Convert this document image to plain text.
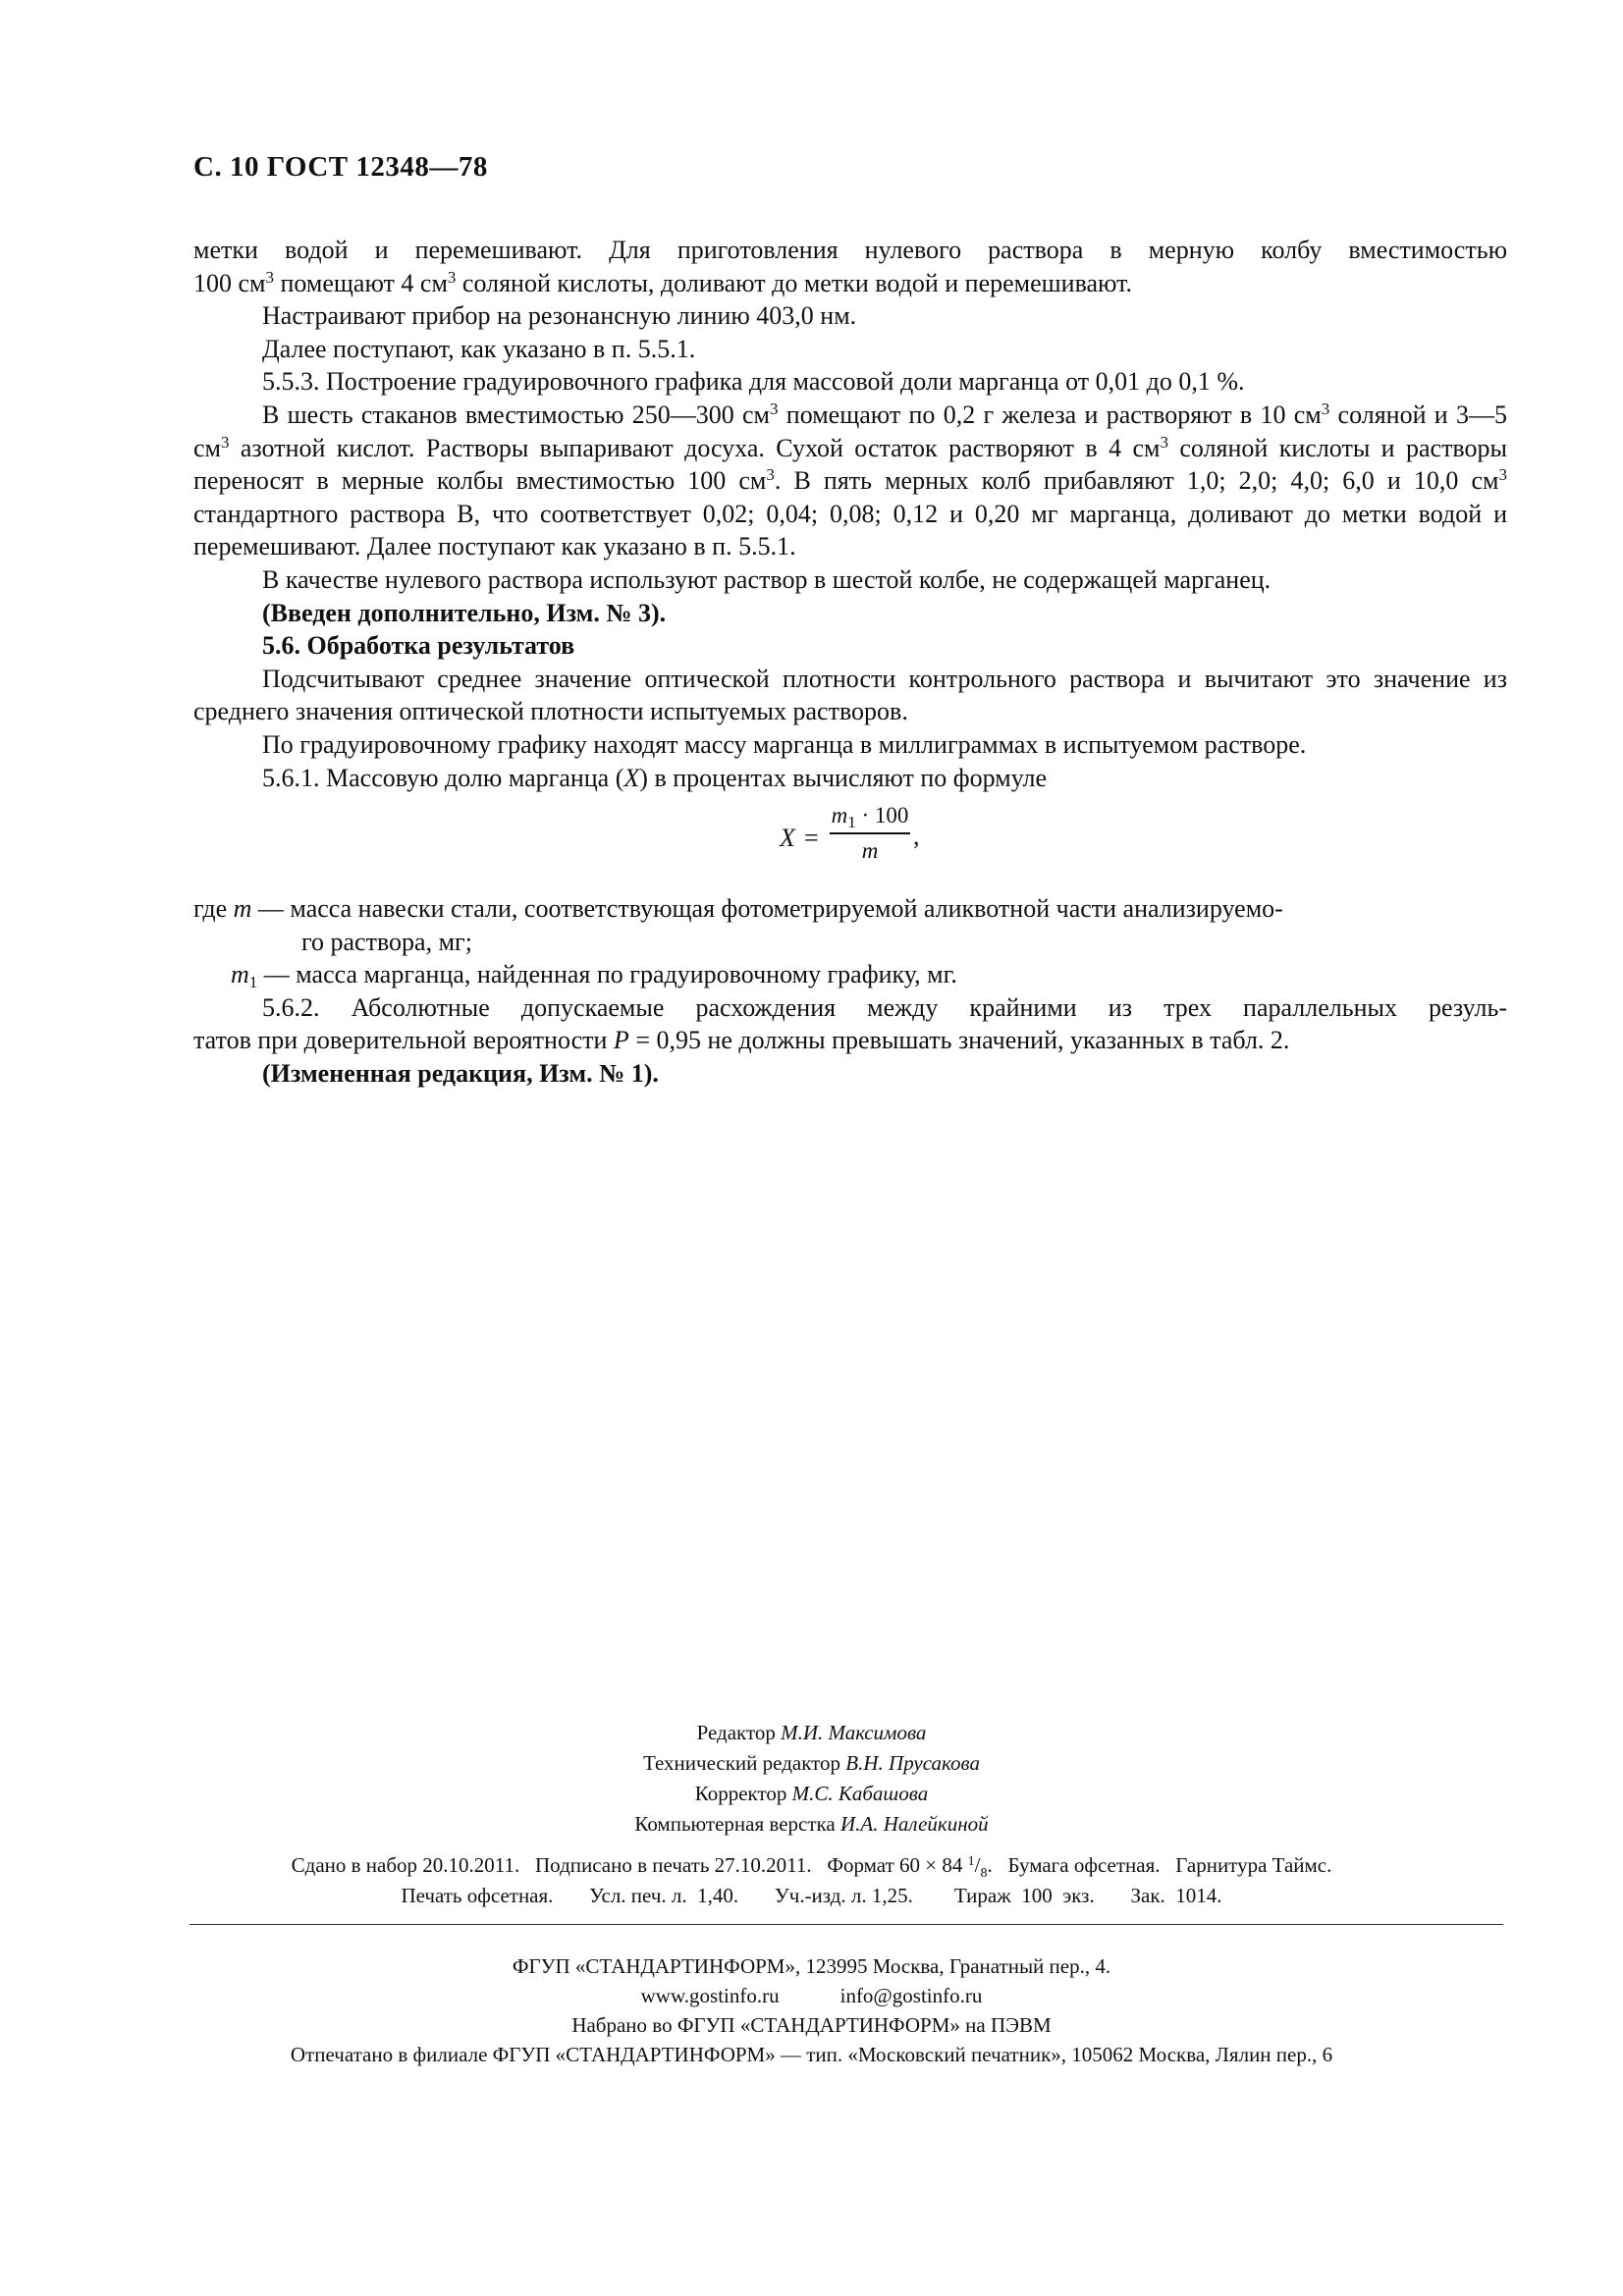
С. 10 ГОСТ 12348—78

метки водой и перемешивают. Для приготовления нулевого раствора в мерную колбу вместимостью

100 $см^3$ помещают 4 $см^3$ соляной кислоты, доливают до метки водой и перемешивают.

Настраивают прибор на резонансную линию 403,0 нм.

Далее поступают, как указано в п. 5.5.1.

5.5.3. Построение градуировочного графика для массовой доли марганца от 0,01 до 0,1 %.

В шесть стаканов вместимостью 250—300 $см^3$ помещают по 0,2 г железа и растворяют в 10 $см^3$ соляной и 3—5 $см^3$ азотной кислот. Растворы выпаривают досуха. Сухой остаток растворяют в 4 $см^3$ соляной кислоты и растворы переносят в мерные колбы вместимостью 100 $см^3$. В пять мерных колб прибавляют 1,0; 2,0; 4,0; 6,0 и 10,0 $см^3$ стандартного раствора В, что соответствует 0,02; 0,04; 0,08; 0,12 и 0,20 мг марганца, доливают до метки водой и перемешивают. Далее поступают как указано в п. 5.5.1.

В качестве нулевого раствора используют раствор в шестой колбе, не содержащей марганец.

(Введен дополнительно, Изм. № 3).

5.6. Обработка результатов

Подсчитывают среднее значение оптической плотности контрольного раствора и вычитают это значение из среднего значения оптической плотности испытуемых растворов.

По градуировочному графику находят массу марганца в миллиграммах в испытуемом растворе.

5.6.1. Массовую долю марганца (X) в процентах вычисляют по формуле

X =
$m_1 \cdot 100$
m	,

где m — масса навески стали, соответствующая фотометрируемой аликвотной части анализируемо-
го раствора, мг;

$m_1$ — масса марганца, найденная по градуировочному графику, мг.

5.6.2. Абсолютные допускаемые расхождения между крайними из трех параллельных резуль-

татов при доверительной вероятности P = 0,95 не должны превышать значений, указанных в табл. 2.

(Измененная редакция, Изм. № 1).

Редактор М.И. Максимова
Технический редактор В.Н. Прусакова
Корректор М.С. Кабашова
Компьютерная верстка И.А. Налейкиной
Сдано в набор 20.10.2011.   Подписано в печать 27.10.2011.   Формат 60 × 84 $^1/_8$.   Бумага офсетная.   Гарнитура Таймс.
Печать офсетная.       Усл. печ. л.  1,40.       Уч.-изд. л. 1,25.        Тираж  100  экз.       Зак.  1014.
ФГУП «СТАНДАРТИНФОРМ», 123995 Москва, Гранатный пер., 4.
www.gostinfo.ru	info@gostinfo.ru
Набрано во ФГУП «СТАНДАРТИНФОРМ» на ПЭВМ
Отпечатано в филиале ФГУП «СТАНДАРТИНФОРМ» — тип. «Московский печатник», 105062 Москва, Лялин пер., 6
